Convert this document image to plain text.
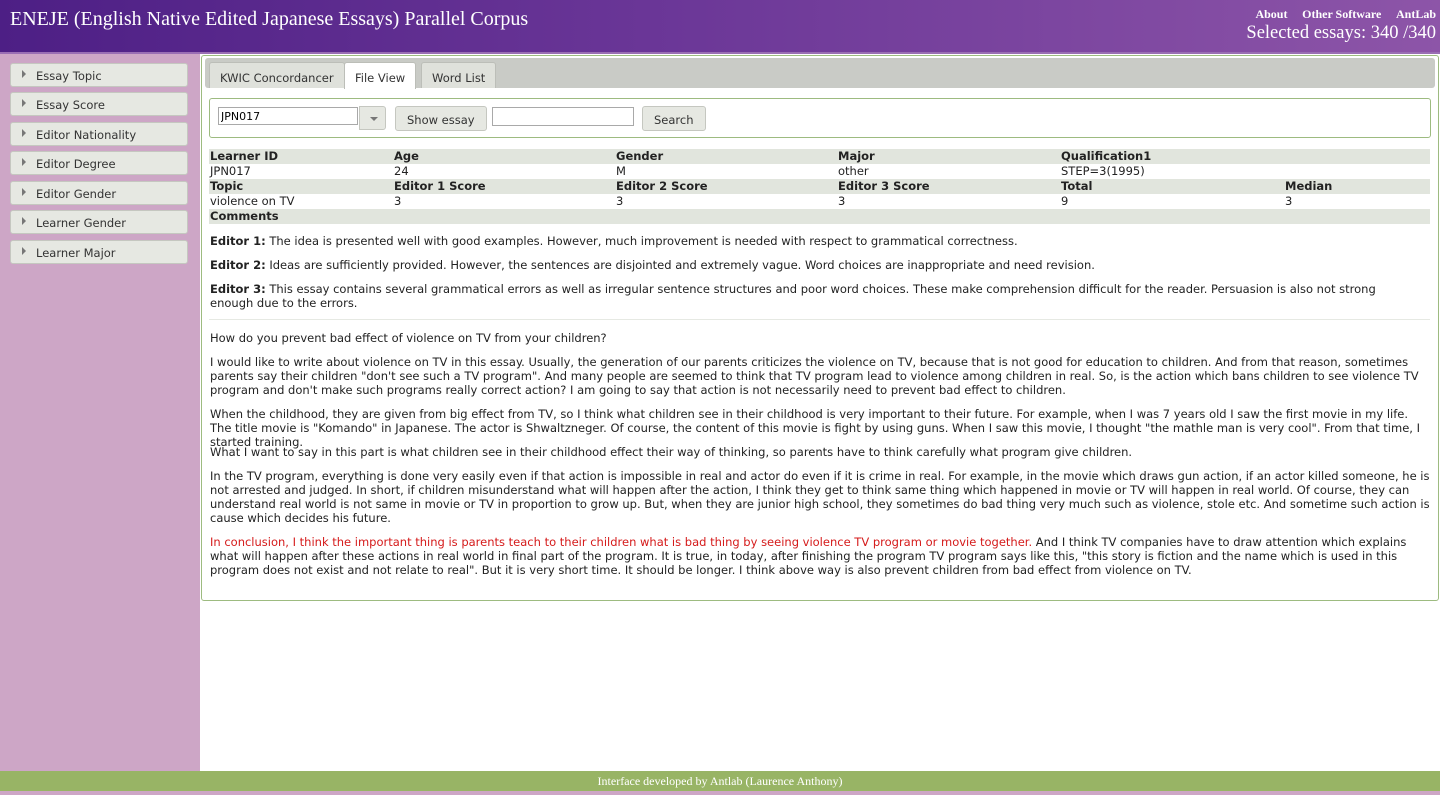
ENEJE (English Native Edited Japanese Essays) Parallel Corpus	About Other Software AntLab
Selected essays: 340 /340
Essay Topic
Essay Score
Editor Nationality
Editor Degree
Editor Gender
Learner Gender
Learner Major
KWIC Concordancer	File View	Word List
JPN017
Show essay	Search
Learner ID	Age	Gender	Major	Qualification1	
JPN017	24	M	other	STEP=3(1995)	
Topic	Editor 1 Score	Editor 2 Score	Editor 3 Score	Total	Median
violence on TV	3	3	3	9	3
Comments					

Editor 1: The idea is presented well with good examples. However, much improvement is needed with respect to grammatical correctness.

Editor 2: Ideas are sufficiently provided. However, the sentences are disjointed and extremely vague. Word choices are inappropriate and need revision.

Editor 3: This essay contains several grammatical errors as well as irregular sentence structures and poor word choices. These make comprehension difficult for the reader. Persuasion is also not strong enough due to the errors.

How do you prevent bad effect of violence on TV from your children?

I would like to write about violence on TV in this essay. Usually, the generation of our parents criticizes the violence on TV, because that is not good for education to children. And from that reason, sometimes parents say their children "don't see such a TV program". And many people are seemed to think that TV program lead to violence among children in real. So, is the action which bans children to see violence TV program and don't make such programs really correct action? I am going to say that action is not necessarily need to prevent bad effect to children.

When the childhood, they are given from big effect from TV, so I think what children see in their childhood is very important to their future. For example, when I was 7 years old I saw the first movie in my life. The title movie is "Komando" in Japanese. The actor is Shwaltzneger. Of course, the content of this movie is fight by using guns. When I saw this movie, I thought "the mathle man is very cool". From that time, I started training.

What I want to say in this part is what children see in their childhood effect their way of thinking, so parents have to think carefully what program give children.

In the TV program, everything is done very easily even if that action is impossible in real and actor do even if it is crime in real. For example, in the movie which draws gun action, if an actor killed someone, he is not arrested and judged. In short, if children misunderstand what will happen after the action, I think they get to think same thing which happened in movie or TV will happen in real world. Of course, they can understand real world is not same in movie or TV in proportion to grow up. But, when they are junior high school, they sometimes do bad thing very much such as violence, stole etc. And sometime such action is cause which decides his future.

In conclusion, I think the important thing is parents teach to their children what is bad thing by seeing violence TV program or movie together. And I think TV companies have to draw attention which explains what will happen after these actions in real world in final part of the program. It is true, in today, after finishing the program TV program says like this, "this story is fiction and the name which is used in this program does not exist and not relate to real". But it is very short time. It should be longer. I think above way is also prevent children from bad effect from violence on TV.

Interface developed by Antlab (Laurence Anthony)
